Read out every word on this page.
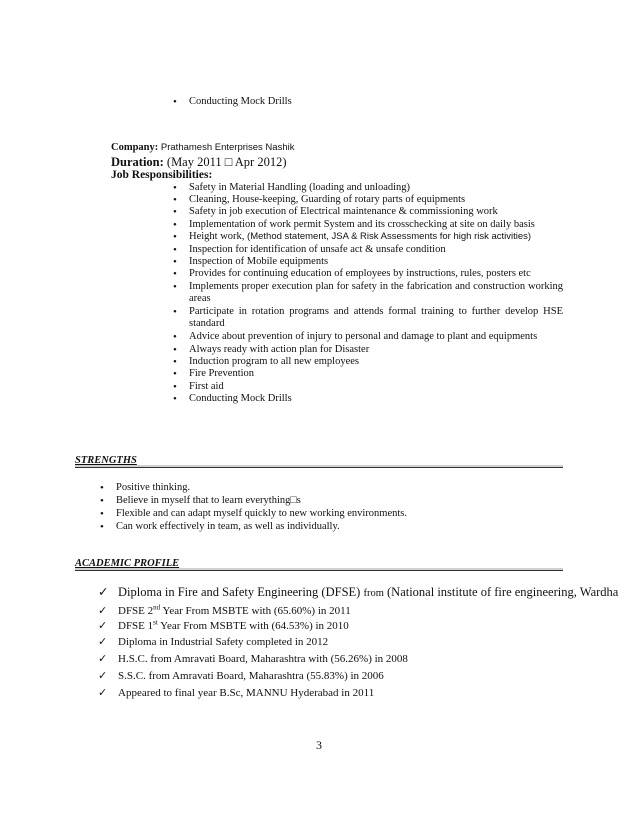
• Conducting Mock Drills
Company: Prathamesh Enterprises Nashik
Duration: (May 2011 □ Apr 2012)
Job Responsibilities:
• Safety in Material Handling (loading and unloading)
• Cleaning, House-keeping, Guarding of rotary parts of equipments
• Safety in job execution of Electrical maintenance & commissioning work
• Implementation of work permit System and its crosschecking at site on daily basis
• Height work, (Method statement, JSA & Risk Assessments for high risk activities)
• Inspection for identification of unsafe act & unsafe condition
• Inspection of Mobile equipments
• Provides for continuing education of employees by instructions, rules, posters etc
• Implements proper execution plan for safety in the fabrication and construction working
areas
• Participate in rotation programs and attends formal training to further develop HSE
standard
• Advice about prevention of injury to personal and damage to plant and equipments
• Always ready with action plan for Disaster
• Induction program to all new employees
• Fire Prevention
• First aid
• Conducting Mock Drills
STRENGTHS
• Positive thinking.
• Believe in myself that to learn everything□s
• Flexible and can adapt myself quickly to new working environments.
• Can work effectively in team, as well as individually.
ACADEMIC PROFILE
✓ Diploma in Fire and Safety Engineering (DFSE) from (National institute of fire engineering, Wardha
✓ DFSE 2nd Year From MSBTE with (65.60%) in 2011
✓ DFSE 1st Year From MSBTE with (64.53%) in 2010
✓ Diploma in Industrial Safety completed in 2012
✓ H.S.C. from Amravati Board, Maharashtra with (56.26%) in 2008
✓ S.S.C. from Amravati Board, Maharashtra (55.83%) in 2006
✓ Appeared to final year B.Sc, MANNU Hyderabad in 2011
3
